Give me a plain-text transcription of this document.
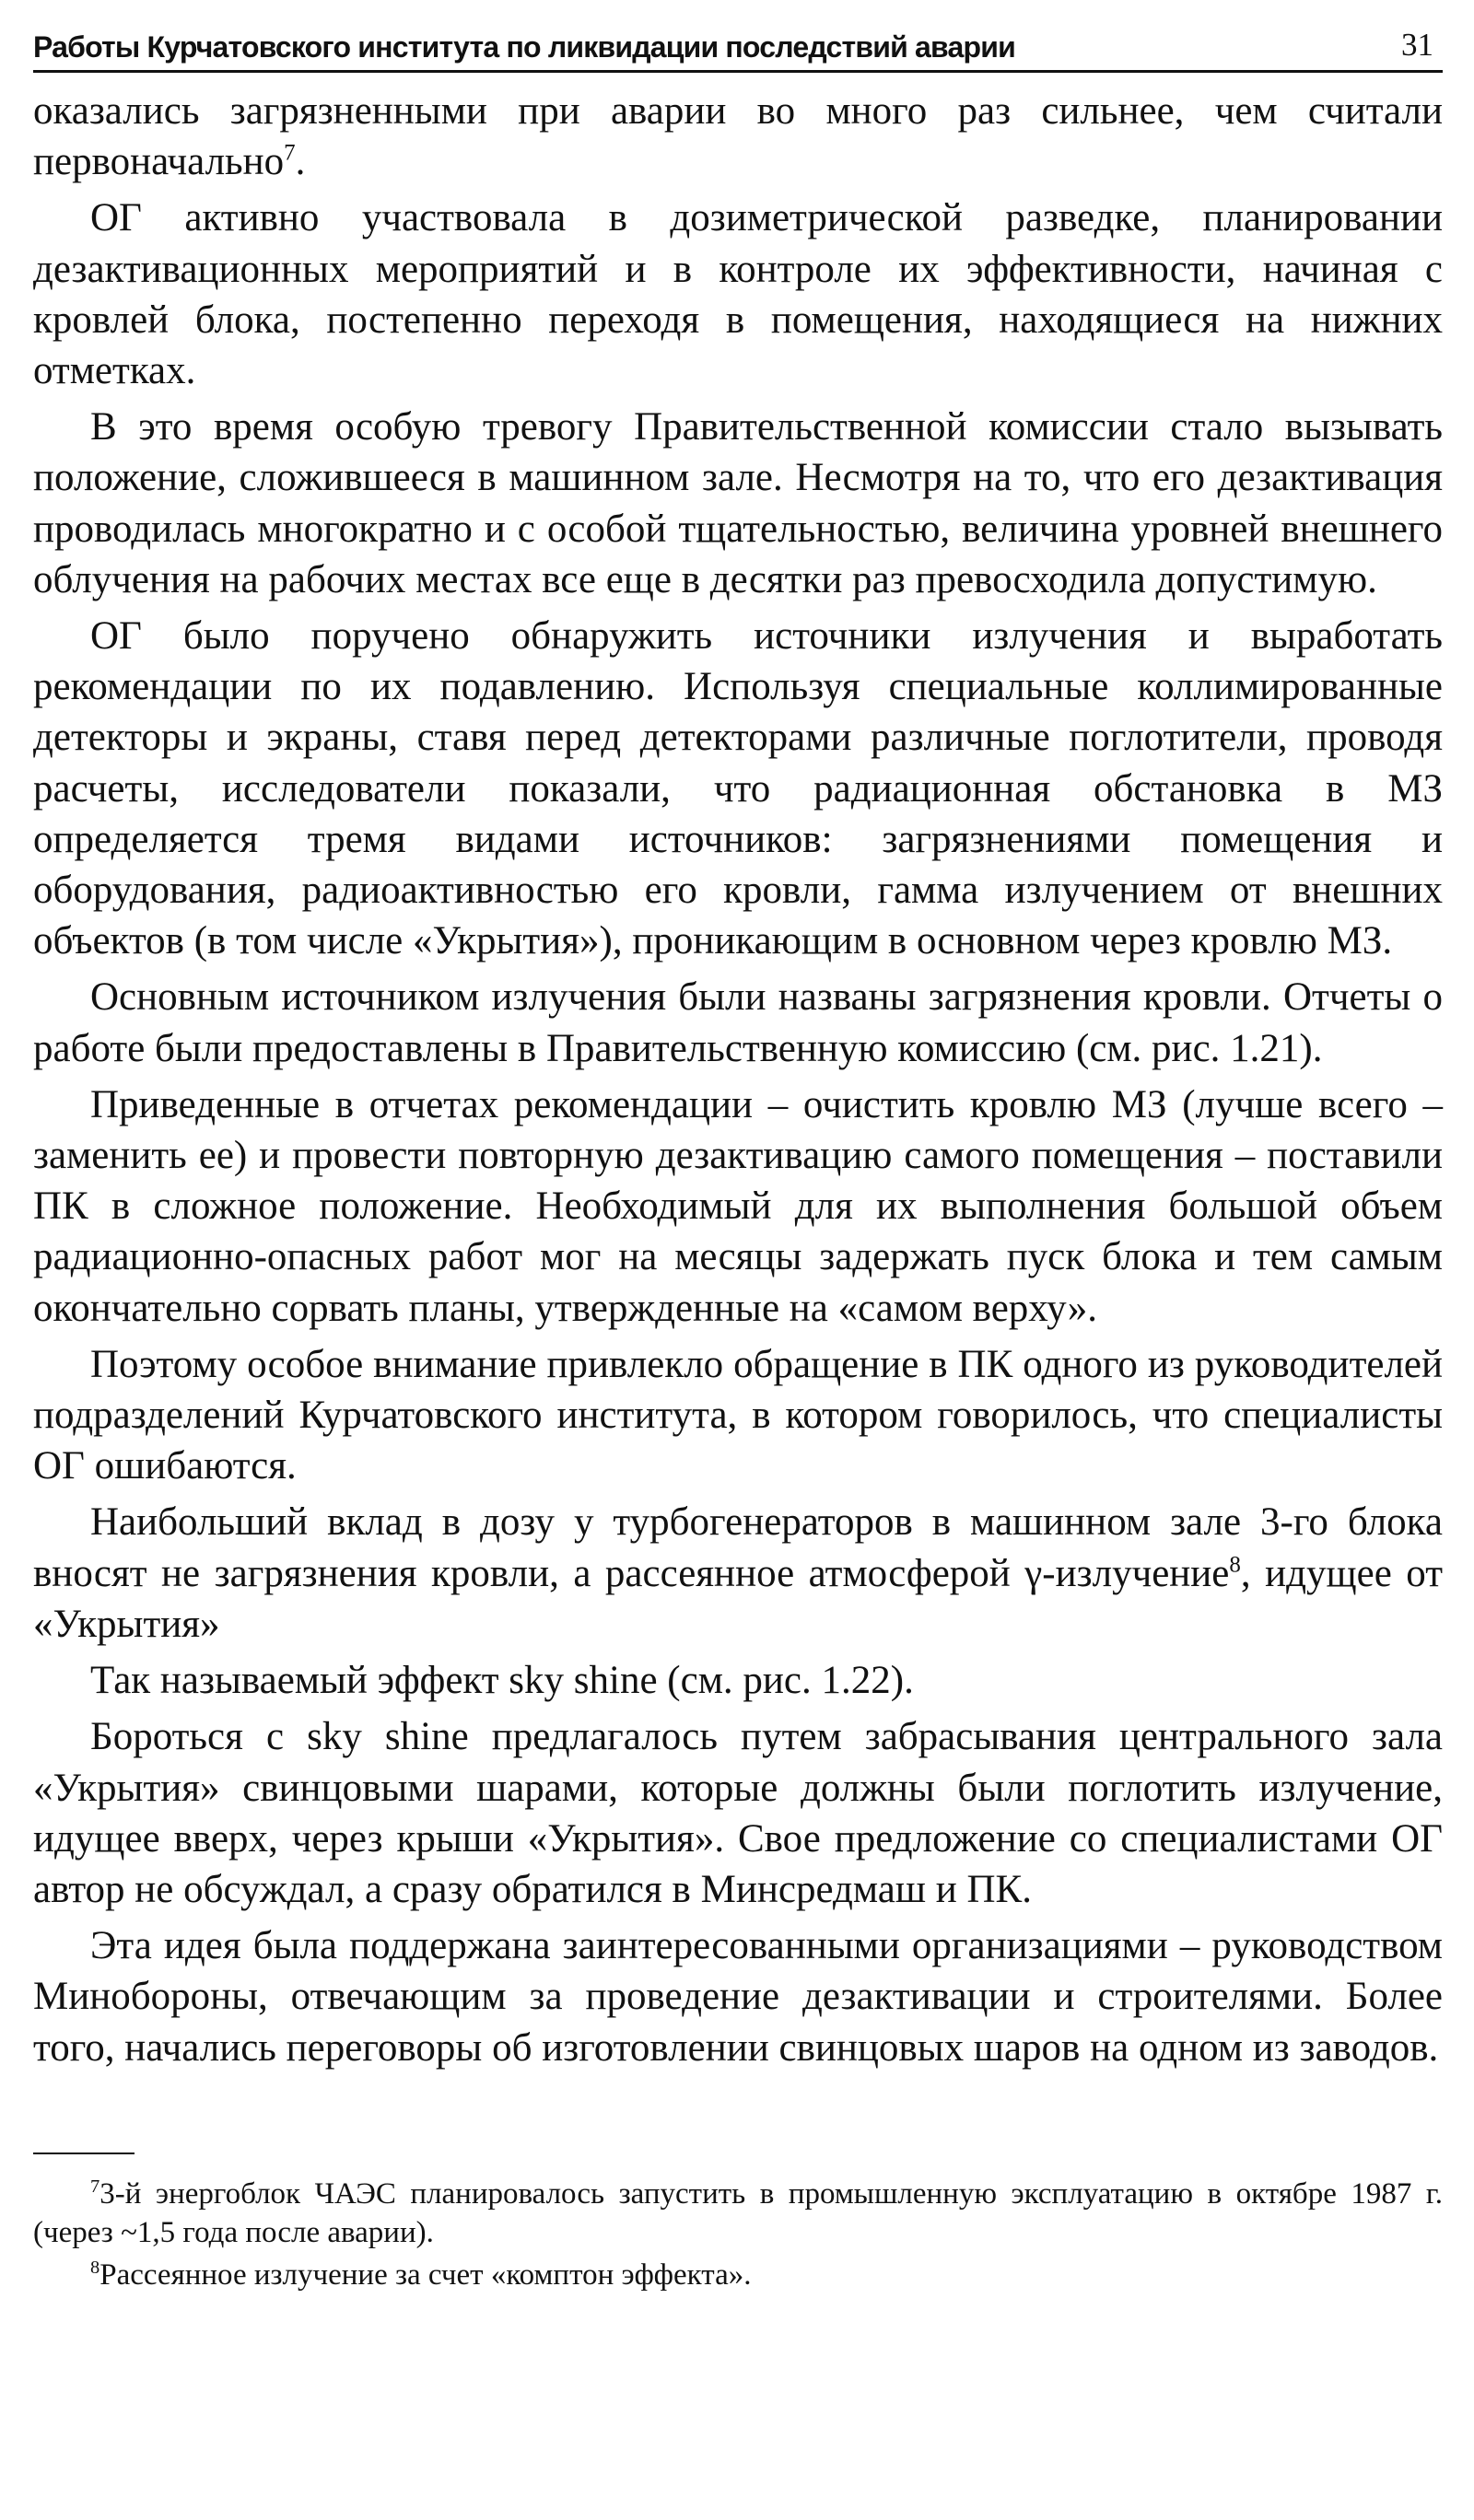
Работы Курчатовского института по ликвидации последствий аварии	31

оказались загрязненными при аварии во много раз сильнее, чем считали первоначально$^7$.

ОГ активно участвовала в дозиметрической разведке, планировании дезактивационных мероприятий и в контроле их эффективности, начиная с кровлей блока, постепенно переходя в помещения, находящиеся на нижних отметках.

В это время особую тревогу Правительственной комиссии стало вызывать положение, сложившееся в машинном зале. Несмотря на то, что его дезактивация проводилась многократно и с особой тщательностью, величина уровней внешнего облучения на рабочих местах все еще в десятки раз превосходила допустимую.

ОГ было поручено обнаружить источники излучения и выработать рекомендации по их подавлению. Используя специальные коллимированные детекторы и экраны, ставя перед детекторами различные поглотители, проводя расчеты, исследователи показали, что радиационная обстановка в МЗ определяется тремя видами источников: загрязнениями помещения и оборудования, радиоактивностью его кровли, гамма излучением от внешних объектов (в том числе «Укрытия»), проникающим в основном через кровлю МЗ.

Основным источником излучения были названы загрязнения кровли. Отчеты о работе были предоставлены в Правительственную комиссию (см. рис. 1.21).

Приведенные в отчетах рекомендации – очистить кровлю МЗ (лучше всего – заменить ее) и провести повторную дезактивацию самого помещения – поставили ПК в сложное положение. Необходимый для их выполнения большой объем радиационно-опасных работ мог на месяцы задержать пуск блока и тем самым окончательно сорвать планы, утвержденные на «самом верху».

Поэтому особое внимание привлекло обращение в ПК одного из руководителей подразделений Курчатовского института, в котором говорилось, что специалисты ОГ ошибаются.

Наибольший вклад в дозу у турбогенераторов в машинном зале 3-го блока вносят не загрязнения кровли, а рассеянное атмосферой γ-излучение$^8$, идущее от «Укрытия»

Так называемый эффект sky shine (см. рис. 1.22).

Бороться с sky shine предлагалось путем забрасывания центрального зала «Укрытия» свинцовыми шарами, которые должны были поглотить излучение, идущее вверх, через крыши «Укрытия». Свое предложение со специалистами ОГ автор не обсуждал, а сразу обратился в Минсредмаш и ПК.

Эта идея была поддержана заинтересованными организациями – руководством Минобороны, отвечающим за проведение дезактивации и строителями. Более того, начались переговоры об изготовлении свинцовых шаров на одном из заводов.

$^7$3-й энергоблок ЧАЭС планировалось запустить в промышленную эксплуатацию в октябре 1987 г. (через ~1,5 года после аварии).

$^8$Рассеянное излучение за счет «комптон эффекта».
